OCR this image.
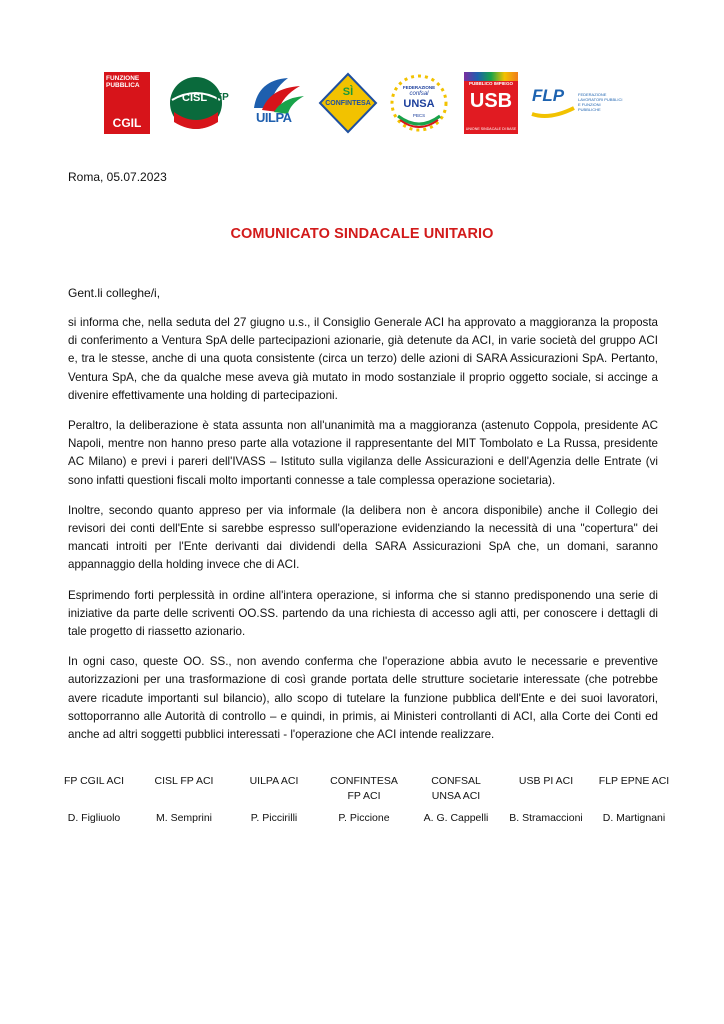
FUNZIONE
PUBBLICA
CGIL
CISL FP
UILPA
SÌ
CONFINTESA
FEDERAZIONE
confsal
UNSA
PBCS
PUBBLICO IMPIEGO
USB
UNIONE SINDACALE DI BASE
FLP	FEDERAZIONE
LAVORATORI PUBBLICI
E FUNZIONI PUBBLICHE
Roma, 05.07.2023
COMUNICATO SINDACALE UNITARIO
Gent.li colleghe/i,

si informa che, nella seduta del 27 giugno u.s., il Consiglio Generale ACI ha approvato a maggioranza la proposta di conferimento a Ventura SpA delle partecipazioni azionarie, già detenute da ACI, in varie società del gruppo ACI e, tra le stesse, anche di una quota consistente (circa un terzo) delle azioni di SARA Assicurazioni SpA. Pertanto, Ventura SpA, che da qualche mese aveva già mutato in modo sostanziale il proprio oggetto sociale, si accinge a divenire effettivamente una holding di partecipazioni.

Peraltro, la deliberazione è stata assunta non all'unanimità ma a maggioranza (astenuto Coppola, presidente AC Napoli, mentre non hanno preso parte alla votazione il rappresentante del MIT Tombolato e La Russa, presidente AC Milano) e previ i pareri dell'IVASS – Istituto sulla vigilanza delle Assicurazioni e dell'Agenzia delle Entrate (vi sono infatti questioni fiscali molto importanti connesse a tale complessa operazione societaria).

Inoltre, secondo quanto appreso per via informale (la delibera non è ancora disponibile) anche il Collegio dei revisori dei conti dell'Ente si sarebbe espresso sull'operazione evidenziando la necessità di una "copertura" dei mancati introiti per l'Ente derivanti dai dividendi della SARA Assicurazioni SpA che, un domani, saranno appannaggio della holding invece che di ACI.

Esprimendo forti perplessità in ordine all'intera operazione, si informa che si stanno predisponendo una serie di iniziative da parte delle scriventi OO.SS. partendo da una richiesta di accesso agli atti, per conoscere i dettagli di tale progetto di riassetto azionario.

In ogni caso, queste OO. SS., non avendo conferma che l'operazione abbia avuto le necessarie e preventive autorizzazioni per una trasformazione di così grande portata delle strutture societarie interessate (che potrebbe avere ricadute importanti sul bilancio), allo scopo di tutelare la funzione pubblica dell'Ente e dei suoi lavoratori, sottoporranno alle Autorità di controllo – e quindi, in primis, ai Ministeri controllanti di ACI, alla Corte dei Conti ed anche ad altri soggetti pubblici interessati - l'operazione che ACI intende realizzare.

FP CGIL ACI
D. Figliuolo
CISL FP ACI
M. Semprini
UILPA ACI
P. Piccirilli
CONFINTESA
FP ACI
P. Piccione
CONFSAL
UNSA ACI
A. G. Cappelli
USB PI ACI
B. Stramaccioni
FLP EPNE ACI
D. Martignani
